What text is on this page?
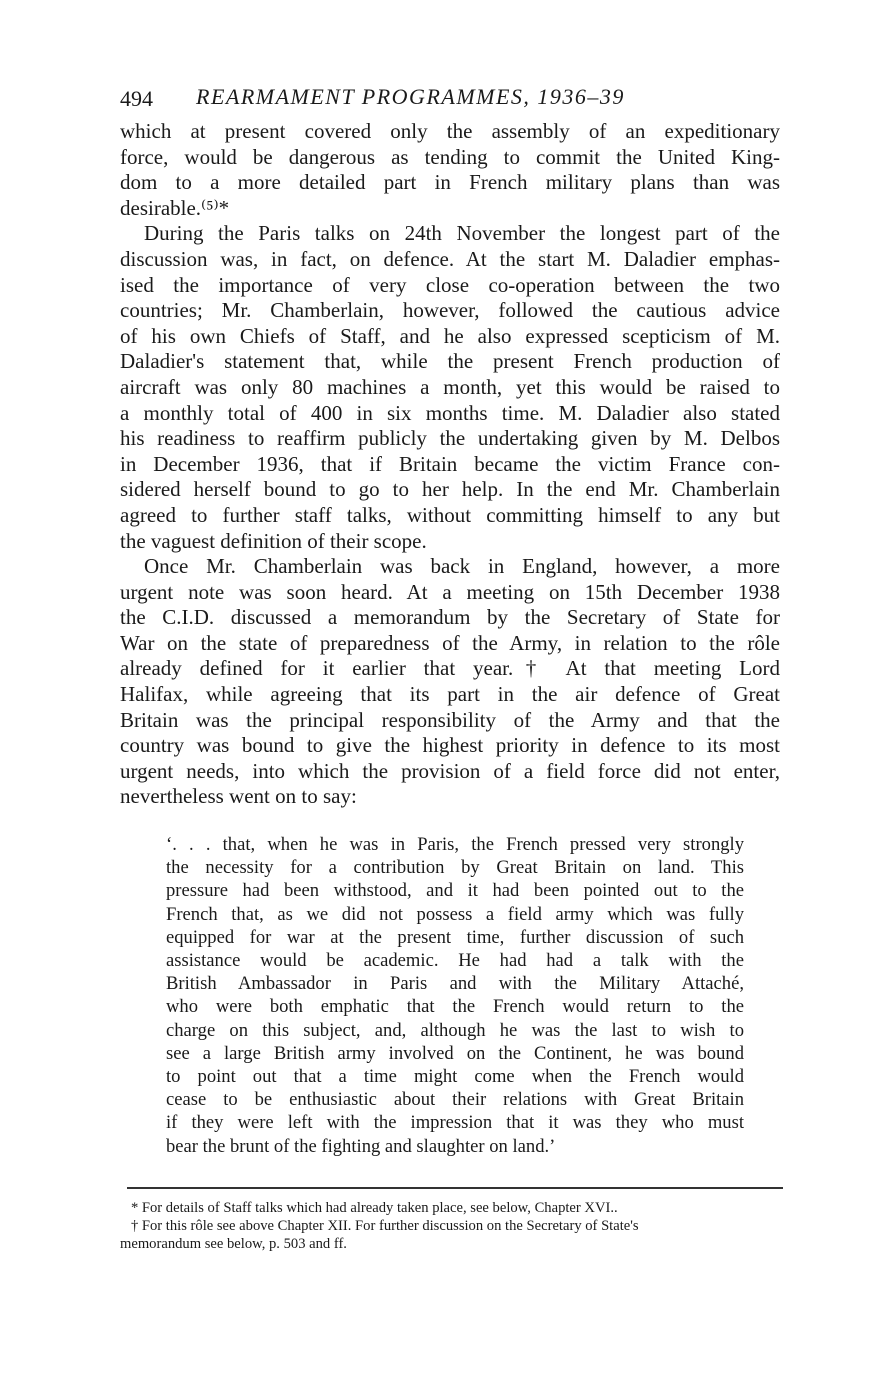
494 REARMAMENT PROGRAMMES, 1936–39
which at present covered only the assembly of an expeditionary
force, would be dangerous as tending to commit the United King-
dom to a more detailed part in French military plans than was
desirable.⁽⁵⁾*
During the Paris talks on 24th November the longest part of the
discussion was, in fact, on defence. At the start M. Daladier emphas-
ised the importance of very close co-operation between the two
countries; Mr. Chamberlain, however, followed the cautious advice
of his own Chiefs of Staff, and he also expressed scepticism of M.
Daladier's statement that, while the present French production of
aircraft was only 80 machines a month, yet this would be raised to
a monthly total of 400 in six months time. M. Daladier also stated
his readiness to reaffirm publicly the undertaking given by M. Delbos
in December 1936, that if Britain became the victim France con-
sidered herself bound to go to her help. In the end Mr. Chamberlain
agreed to further staff talks, without committing himself to any but
the vaguest definition of their scope.
Once Mr. Chamberlain was back in England, however, a more
urgent note was soon heard. At a meeting on 15th December 1938
the C.I.D. discussed a memorandum by the Secretary of State for
War on the state of preparedness of the Army, in relation to the rôle
already defined for it earlier that year.† At that meeting Lord
Halifax, while agreeing that its part in the air defence of Great
Britain was the principal responsibility of the Army and that the
country was bound to give the highest priority in defence to its most
urgent needs, into which the provision of a field force did not enter,
nevertheless went on to say:
‘. . . that, when he was in Paris, the French pressed very strongly
the necessity for a contribution by Great Britain on land. This
pressure had been withstood, and it had been pointed out to the
French that, as we did not possess a field army which was fully
equipped for war at the present time, further discussion of such
assistance would be academic. He had had a talk with the
British Ambassador in Paris and with the Military Attaché,
who were both emphatic that the French would return to the
charge on this subject, and, although he was the last to wish to
see a large British army involved on the Continent, he was bound
to point out that a time might come when the French would
cease to be enthusiastic about their relations with Great Britain
if they were left with the impression that it was they who must
bear the brunt of the fighting and slaughter on land.’
* For details of Staff talks which had already taken place, see below, Chapter XVI..
† For this rôle see above Chapter XII. For further discussion on the Secretary of State's
memorandum see below, p. 503 and ff.
